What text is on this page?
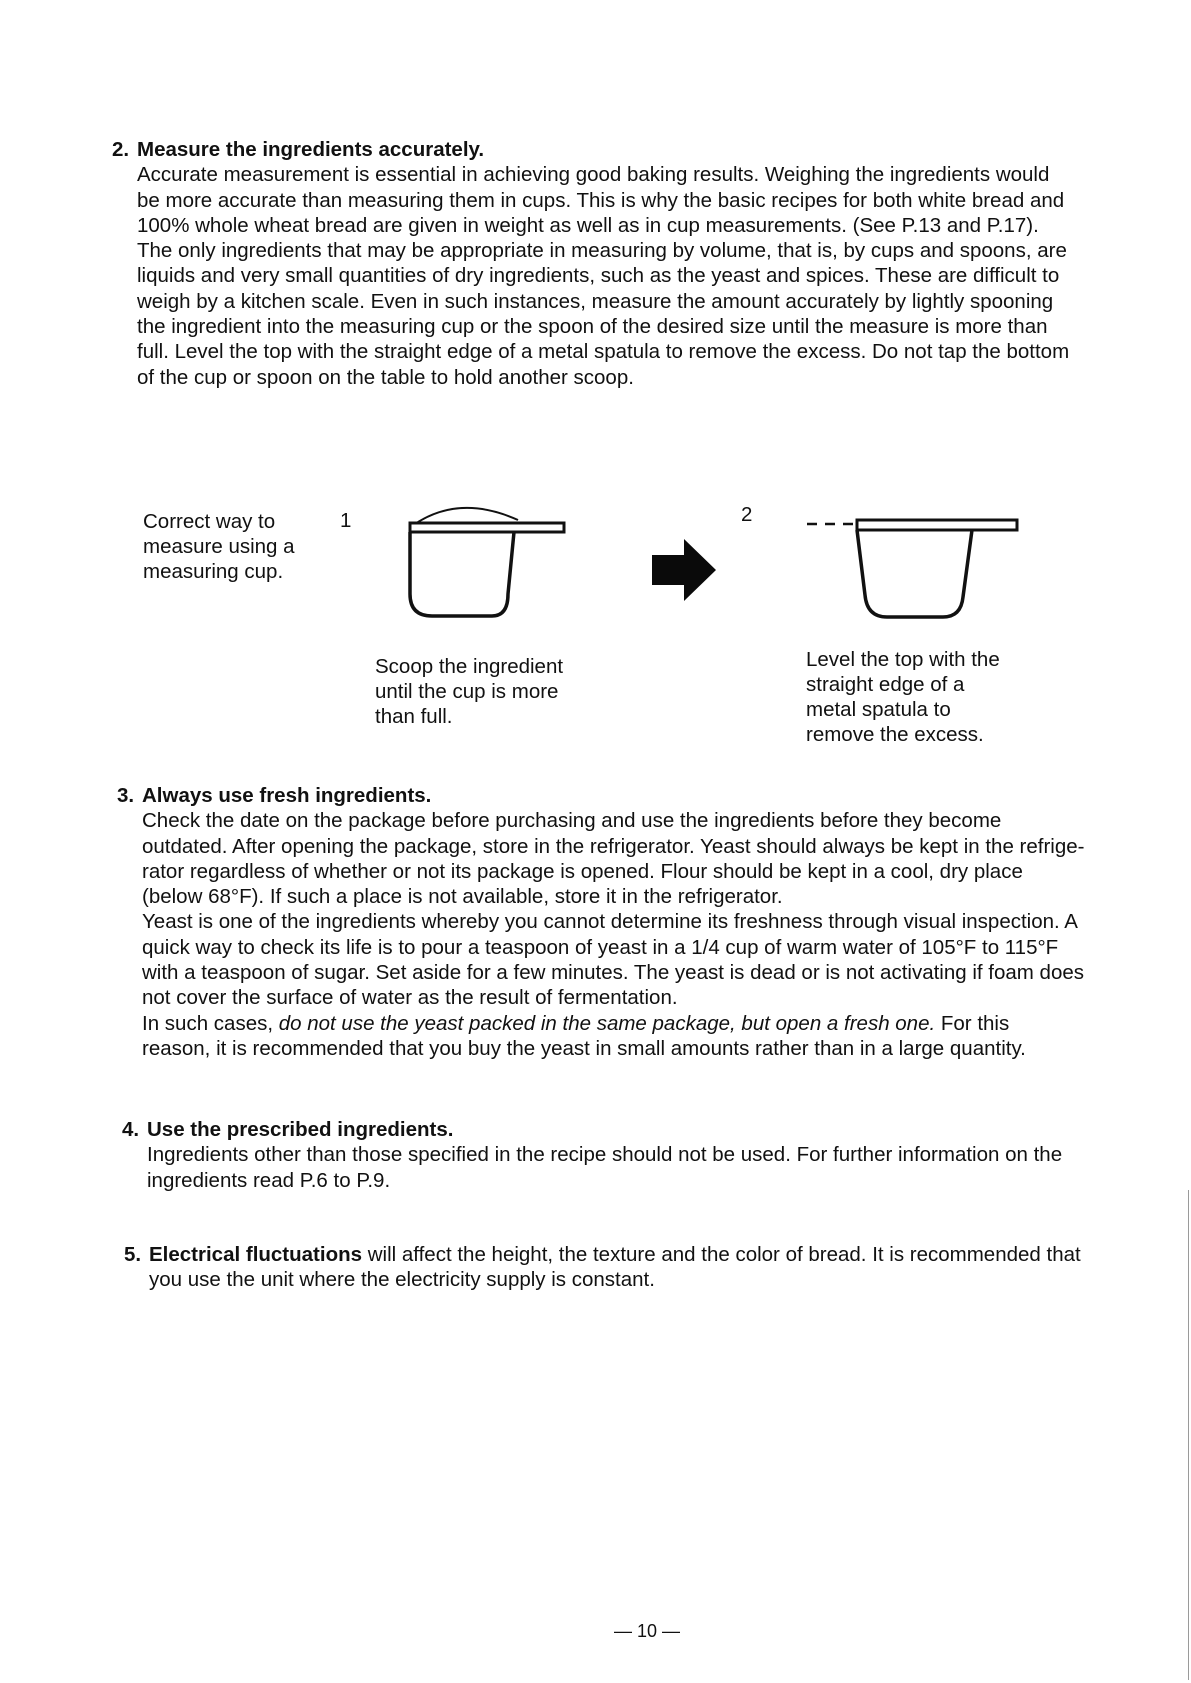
2. Measure the ingredients accurately.

Accurate measurement is essential in achieving good baking results. Weighing the ingredients would

be more accurate than measuring them in cups. This is why the basic recipes for both white bread and

100% whole wheat bread are given in weight as well as in cup measurements. (See P.13 and P.17).

The only ingredients that may be appropriate in measuring by volume, that is, by cups and spoons, are

liquids and very small quantities of dry ingredients, such as the yeast and spices. These are difficult to

weigh by a kitchen scale. Even in such instances, measure the amount accurately by lightly spooning

the ingredient into the measuring cup or the spoon of the desired size until the measure is more than

full. Level the top with the straight edge of a metal spatula to remove the excess. Do not tap the bottom

of the cup or spoon on the table to hold another scoop.

Correct way to
measure using a
measuring cup.
1	2
Scoop the ingredient
until the cup is more
than full.
Level the top with the
straight edge of a
metal spatula to
remove the excess.
3. Always use fresh ingredients.

Check the date on the package before purchasing and use the ingredients before they become

outdated. After opening the package, store in the refrigerator. Yeast should always be kept in the refrige-

rator regardless of whether or not its package is opened. Flour should be kept in a cool, dry place

(below 68°F). If such a place is not available, store it in the refrigerator.

Yeast is one of the ingredients whereby you cannot determine its freshness through visual inspection. A

quick way to check its life is to pour a teaspoon of yeast in a 1/4 cup of warm water of 105°F to 115°F

with a teaspoon of sugar. Set aside for a few minutes. The yeast is dead or is not activating if foam does

not cover the surface of water as the result of fermentation.

In such cases, do not use the yeast packed in the same package, but open a fresh one. For this

reason, it is recommended that you buy the yeast in small amounts rather than in a large quantity.

4. Use the prescribed ingredients.

Ingredients other than those specified in the recipe should not be used. For further information on the

ingredients read P.6 to P.9.

5. Electrical fluctuations will affect the height, the texture and the color of bread. It is recommended that

you use the unit where the electricity supply is constant.

— 10 —
